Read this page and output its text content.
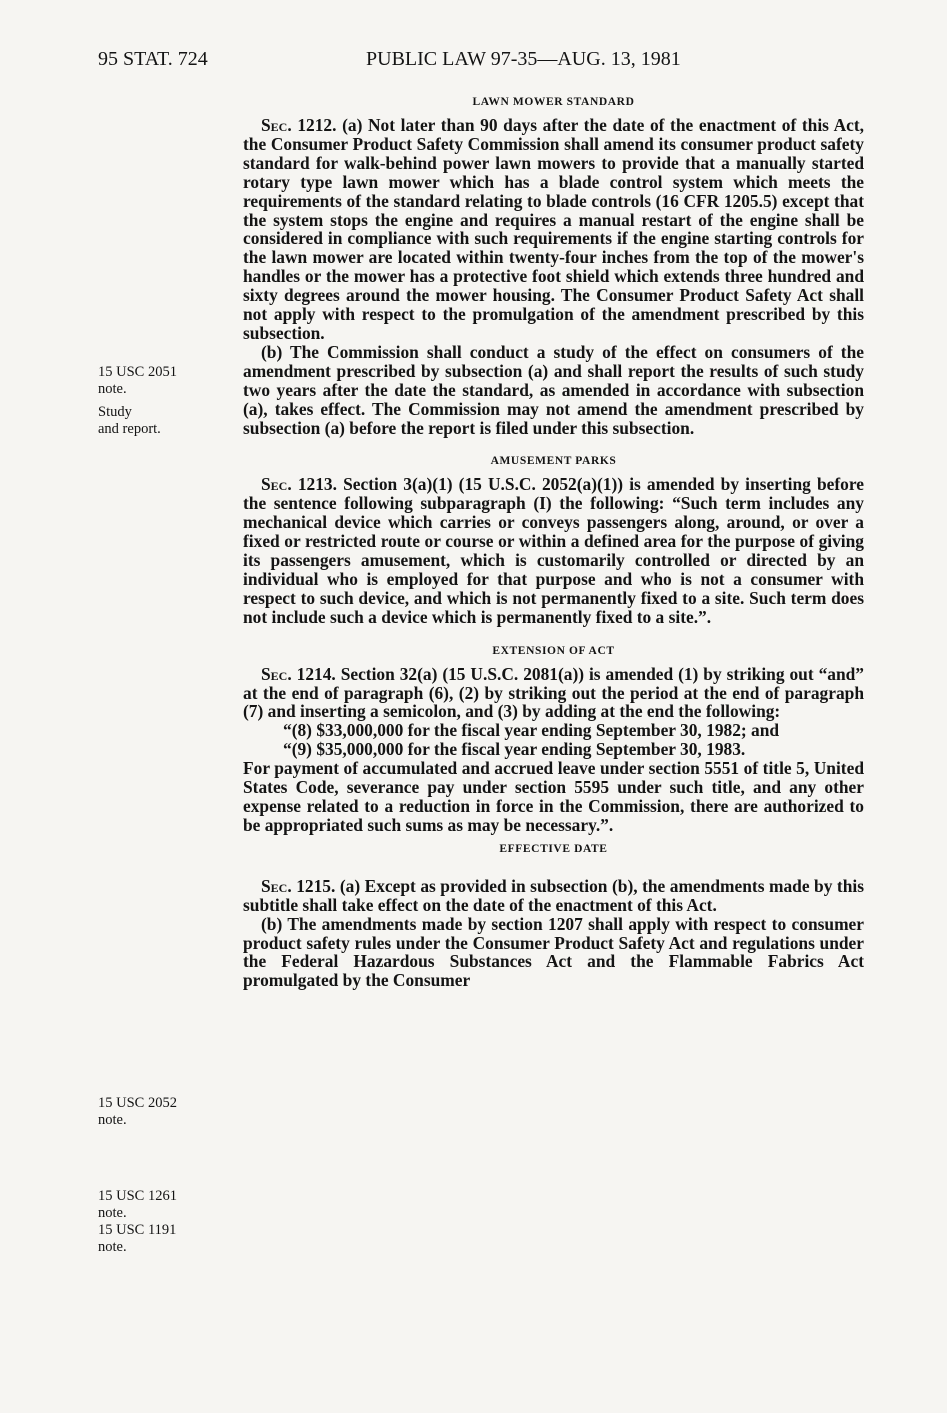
95 STAT. 724	PUBLIC LAW 97-35—AUG. 13, 1981
15 USC 2051
note.
Study
and report.
15 USC 2052
note.
15 USC 1261
note.
15 USC 1191
note.
LAWN MOWER STANDARD

Sec. 1212. (a) Not later than 90 days after the date of the enactment of this Act, the Consumer Product Safety Commission shall amend its consumer product safety standard for walk-behind power lawn mowers to provide that a manually started rotary type lawn mower which has a blade control system which meets the requirements of the standard relating to blade controls (16 CFR 1205.5) except that the system stops the engine and requires a manual restart of the engine shall be considered in compliance with such requirements if the engine starting controls for the lawn mower are located within twenty-four inches from the top of the mower's handles or the mower has a protective foot shield which extends three hundred and sixty degrees around the mower housing. The Consumer Product Safety Act shall not apply with respect to the promulgation of the amendment prescribed by this subsection.

(b) The Commission shall conduct a study of the effect on consumers of the amendment prescribed by subsection (a) and shall report the results of such study two years after the date the standard, as amended in accordance with subsection (a), takes effect. The Commission may not amend the amendment prescribed by subsection (a) before the report is filed under this subsection.

AMUSEMENT PARKS

Sec. 1213. Section 3(a)(1) (15 U.S.C. 2052(a)(1)) is amended by inserting before the sentence following subparagraph (I) the following: “Such term includes any mechanical device which carries or conveys passengers along, around, or over a fixed or restricted route or course or within a defined area for the purpose of giving its passengers amusement, which is customarily controlled or directed by an individual who is employed for that purpose and who is not a consumer with respect to such device, and which is not permanently fixed to a site. Such term does not include such a device which is permanently fixed to a site.”.

EXTENSION OF ACT

Sec. 1214. Section 32(a) (15 U.S.C. 2081(a)) is amended (1) by striking out “and” at the end of paragraph (6), (2) by striking out the period at the end of paragraph (7) and inserting a semicolon, and (3) by adding at the end the following:

“(8) $33,000,000 for the fiscal year ending September 30, 1982; and

“(9) $35,000,000 for the fiscal year ending September 30, 1983.

For payment of accumulated and accrued leave under section 5551 of title 5, United States Code, severance pay under section 5595 under such title, and any other expense related to a reduction in force in the Commission, there are authorized to be appropriated such sums as may be necessary.”.

EFFECTIVE DATE

Sec. 1215. (a) Except as provided in subsection (b), the amendments made by this subtitle shall take effect on the date of the enactment of this Act.

(b) The amendments made by section 1207 shall apply with respect to consumer product safety rules under the Consumer Product Safety Act and regulations under the Federal Hazardous Substances Act and the Flammable Fabrics Act promulgated by the Consumer
